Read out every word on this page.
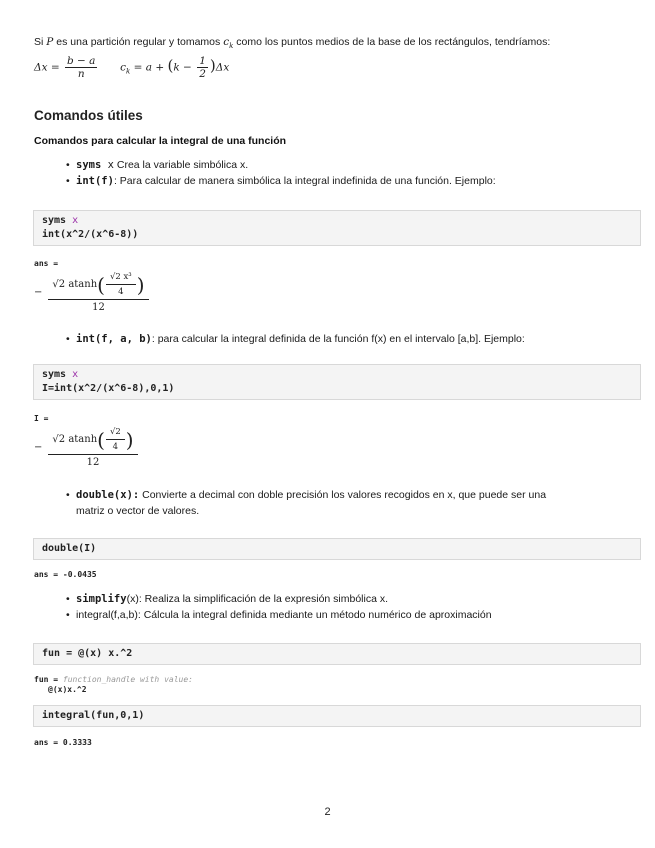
Si P es una partición regular y tomamos $c_k$ como los puntos medios de la base de los rectángulos, tendríamos:
$\Delta x = \frac{b - a}{n} c_k = a + (k - \frac{1}{2} )\Delta x$
Comandos útiles
Comandos para calcular la integral de una función
• syms x Crea la variable simbólica x.
• int(f): Para calcular de manera simbólica la integral indefinida de una función. Ejemplo:
syms x
int(x^2/(x^6-8))
ans =
− √2
atanh ( $\frac{\text{√2 x³}}{4}$ )
12
• int(f, a, b): para calcular la integral definida de la función f(x) en el intervalo [a,b]. Ejemplo:
syms x
I=int(x^2/(x^6-8),0,1)
I =
− √2
atanh ( $\frac{√2}{4}$ )
12
• double(x): Convierte a decimal con doble precisión los valores recogidos en x, que puede ser una
matriz o vector de valores.
double(I)
ans = -0.0435
• simplify(x): Realiza la simplificación de la expresión simbólica x.
• integral(f,a,b): Cálcula la integral definida mediante un método numérico de aproximación
fun = @(x) x.^2
fun = function_handle with value:
@(x)x.^2
integral(fun,0,1)
ans = 0.3333
2
